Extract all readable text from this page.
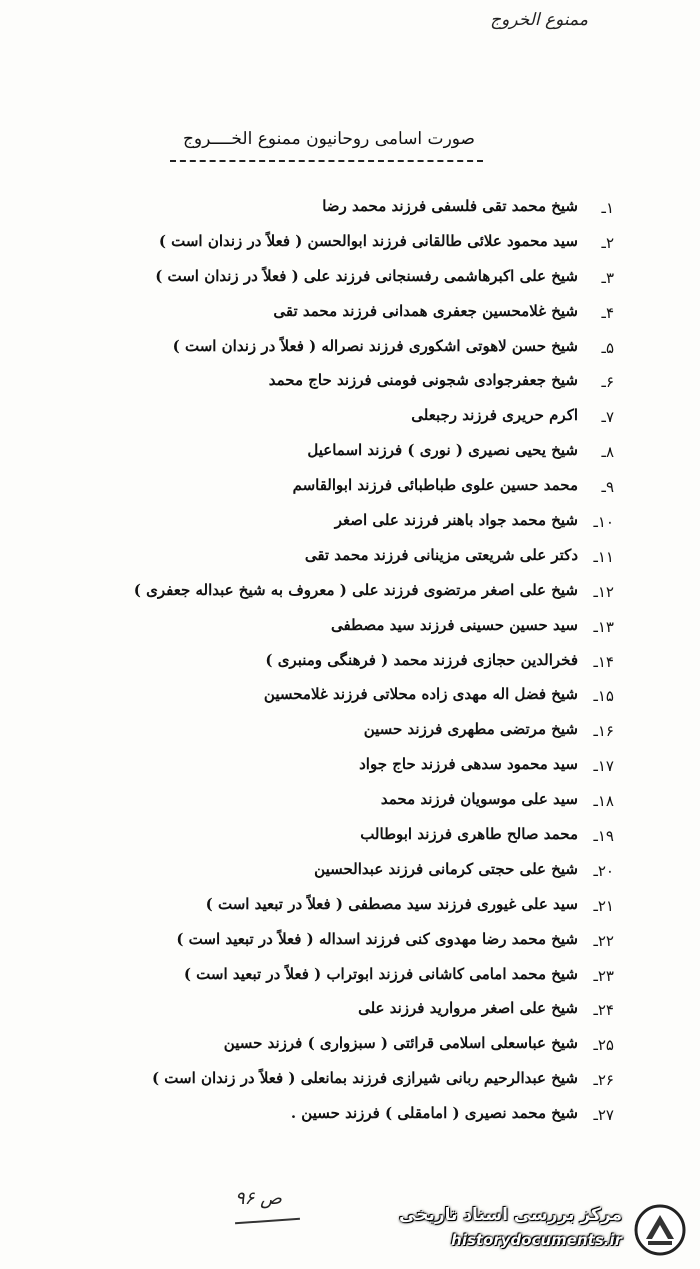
ممنوع الخروج
صورت اسامی روحانیون ممنوع الخــــروج
۱ـ
شیخ محمد تقی فلسفی فرزند محمد رضا
۲ـ
سید محمود علائی طالقانی فرزند ابوالحسن ( فعلاً در زندان است )
۳ـ
شیخ علی اکبرهاشمی رفسنجانی فرزند علی ( فعلاً در زندان است )
۴ـ
شیخ غلامحسین جعفری همدانی فرزند محمد تقی
۵ـ
شیخ حسن لاهوتی اشکوری فرزند نصراله ( فعلاً در زندان است )
۶ـ
شیخ جعفرجوادی شجونی فومنی فرزند حاج محمد
۷ـ
اکرم حریری فرزند رجبعلی
۸ـ
شیخ یحیی نصیری ( نوری ) فرزند اسماعیل
۹ـ
محمد حسین علوی طباطبائی فرزند ابوالقاسم
۱۰ـ
شیخ محمد جواد باهنر فرزند علی اصغر
۱۱ـ
دکتر علی شریعتی مزینانی فرزند محمد تقی
۱۲ـ
شیخ علی اصغر مرتضوی فرزند علی ( معروف به شیخ عبداله جعفری )
۱۳ـ
سید حسین حسینی فرزند سید مصطفی
۱۴ـ
فخرالدین حجازی فرزند محمد ( فرهنگی ومنبری )
۱۵ـ
شیخ فضل اله مهدی زاده محلاتی فرزند غلامحسین
۱۶ـ
شیخ مرتضی مطهری فرزند حسین
۱۷ـ
سید محمود سدهی فرزند حاج جواد
۱۸ـ
سید علی موسویان فرزند محمد
۱۹ـ
محمد صالح طاهری فرزند ابوطالب
۲۰ـ
شیخ علی حجتی کرمانی فرزند عبدالحسین
۲۱ـ
سید علی غیوری فرزند سید مصطفی ( فعلاً در تبعید است )
۲۲ـ
شیخ محمد رضا مهدوی کنی فرزند اسداله ( فعلاً در تبعید است )
۲۳ـ
شیخ محمد امامی کاشانی فرزند ابوتراب ( فعلاً در تبعید است )
۲۴ـ
شیخ علی اصغر مروارید فرزند علی
۲۵ـ
شیخ عباسعلی اسلامی قرائتی ( سبزواری ) فرزند حسین
۲۶ـ
شیخ عبدالرحیم ربانی شیرازی فرزند بمانعلی ( فعلاً در زندان است )
۲۷ـ
شیخ محمد نصیری ( امامقلی ) فرزند حسین .
ص ۹۶
مرکز بررسی اسناد تاریخی
historydocuments.ir
